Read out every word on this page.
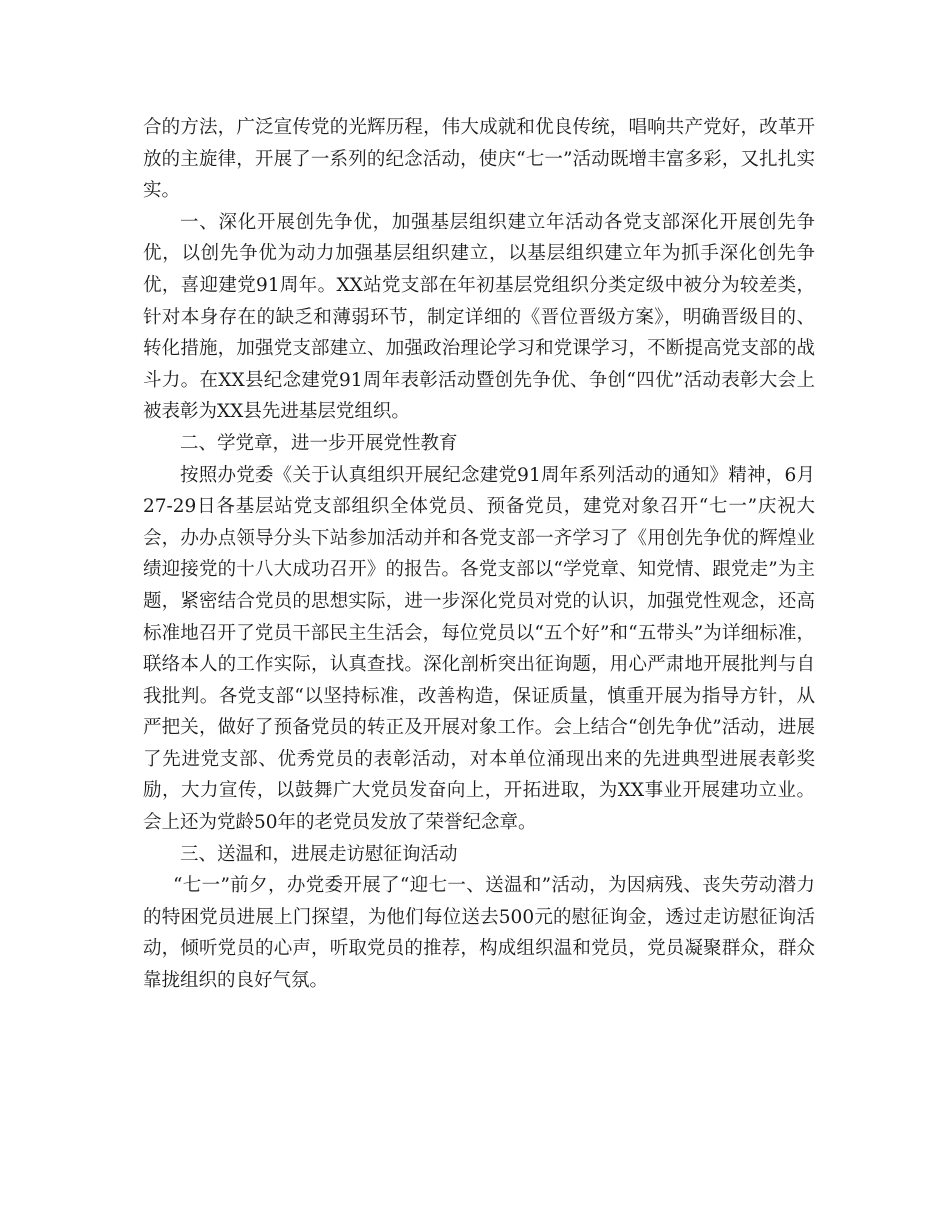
合的方法，广泛宣传党的光辉历程，伟大成就和优良传统，唱响共产党好，改革开放的主旋律，开展了一系列的纪念活动，使庆“七一”活动既增丰富多彩，又扎扎实实。

一、深化开展创先争优，加强基层组织建立年活动各党支部深化开展创先争优，以创先争优为动力加强基层组织建立，以基层组织建立年为抓手深化创先争优，喜迎建党91周年。XX站党支部在年初基层党组织分类定级中被分为较差类，针对本身存在的缺乏和薄弱环节，制定详细的《晋位晋级方案》，明确晋级目的、转化措施，加强党支部建立、加强政治理论学习和党课学习，不断提高党支部的战斗力。在XX县纪念建党91周年表彰活动暨创先争优、争创“四优”活动表彰大会上被表彰为XX县先进基层党组织。

二、学党章，进一步开展党性教育

按照办党委《关于认真组织开展纪念建党91周年系列活动的通知》精神，6月27-29日各基层站党支部组织全体党员、预备党员，建党对象召开“七一”庆祝大会，办办点领导分头下站参加活动并和各党支部一齐学习了《用创先争优的辉煌业绩迎接党的十八大成功召开》的报告。各党支部以“学党章、知党情、跟党走”为主题，紧密结合党员的思想实际，进一步深化党员对党的认识，加强党性观念，还高标准地召开了党员干部民主生活会，每位党员以“五个好”和“五带头”为详细标准，联络本人的工作实际，认真查找。深化剖析突出征询题，用心严肃地开展批判与自我批判。各党支部“以坚持标准，改善构造，保证质量，慎重开展为指导方针，从严把关，做好了预备党员的转正及开展对象工作。会上结合“创先争优”活动，进展了先进党支部、优秀党员的表彰活动，对本单位涌现出来的先进典型进展表彰奖励，大力宣传，以鼓舞广大党员发奋向上，开拓进取，为XX事业开展建功立业。会上还为党龄50年的老党员发放了荣誉纪念章。

三、送温和，进展走访慰征询活动

“七一”前夕，办党委开展了“迎七一、送温和”活动，为因病残、丧失劳动潜力的特困党员进展上门探望，为他们每位送去500元的慰征询金，透过走访慰征询活动，倾听党员的心声，听取党员的推荐，构成组织温和党员，党员凝聚群众，群众靠拢组织的良好气氛。
